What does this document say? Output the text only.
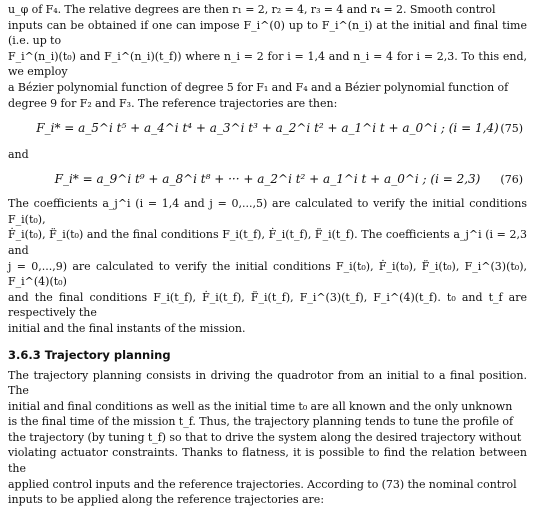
u_φ of F₄. The relative degrees are then r₁ = 2, r₂ = 4, r₃ = 4 and r₄ = 2. Smooth control

inputs can be obtained if one can impose F_i^(0) up to F_i^(n_i) at the initial and final time (i.e. up to

F_i^(n_i)(t₀) and F_i^(n_i)(t_f)) where n_i = 2 for i = 1,4 and n_i = 4 for i = 2,3. To this end, we employ

a Bézier polynomial function of degree 5 for F₁ and F₄ and a Bézier polynomial function of

degree 9 for F₂ and F₃. The reference trajectories are then:

F_i* = a_5^i t⁵ + a_4^i t⁴ + a_3^i t³ + a_2^i t² + a_1^i t + a_0^i ; (i = 1,4) (75)
and
F_i* = a_9^i t⁹ + a_8^i t⁸ + ··· + a_2^i t² + a_1^i t + a_0^i ; (i = 2,3) (76)

The coefficients a_j^i (i = 1,4 and j = 0,...,5) are calculated to verify the initial conditions F_i(t₀),

Ḟ_i(t₀), F̈_i(t₀) and the final conditions F_i(t_f), Ḟ_i(t_f), F̈_i(t_f). The coefficients a_j^i (i = 2,3 and

j = 0,...,9) are calculated to verify the initial conditions F_i(t₀), Ḟ_i(t₀), F̈_i(t₀), F_i^(3)(t₀), F_i^(4)(t₀)

and the final conditions F_i(t_f), Ḟ_i(t_f), F̈_i(t_f), F_i^(3)(t_f), F_i^(4)(t_f). t₀ and t_f are respectively the

initial and the final instants of the mission.

3.6.3 Trajectory planning

The trajectory planning consists in driving the quadrotor from an initial to a final position. The

initial and final conditions as well as the initial time t₀ are all known and the only unknown

is the final time of the mission t_f. Thus, the trajectory planning tends to tune the profile of

the trajectory (by tuning t_f) so that to drive the system along the desired trajectory without

violating actuator constraints. Thanks to flatness, it is possible to find the relation between the

applied control inputs and the reference trajectories. According to (73) the nominal control

inputs to be applied along the reference trajectories are:
